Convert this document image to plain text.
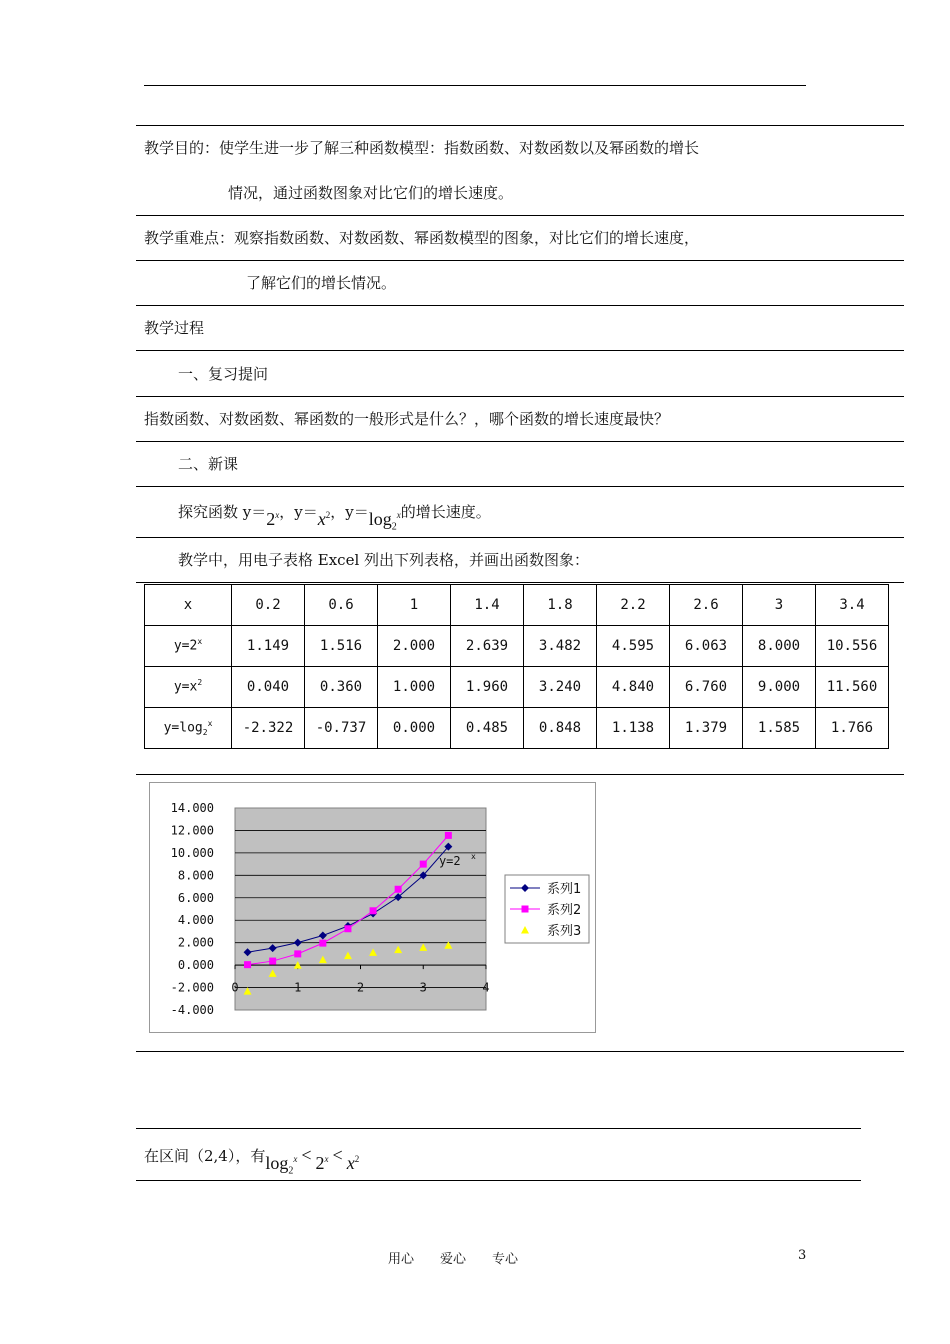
教学目的：使学生进一步了解三种函数模型：指数函数、对数函数以及幂函数的增长
情况，通过函数图象对比它们的增长速度。
教学重难点：观察指数函数、对数函数、幂函数模型的图象，对比它们的增长速度，
了解它们的增长情况。
教学过程
一、复习提问
指数函数、对数函数、幂函数的一般形式是什么？，哪个函数的增长速度最快？
二、新课
探究函数 $y=2^x$，$y=x^2$，$y=\log_2^x$的增长速度。
教学中，用电子表格 Excel 列出下列表格，并画出函数图象：
x	0.2	0.6	1	1.4	1.8	2.2	2.6	3	3.4
$y=2^x$	1.149	1.516	2.000	2.639	3.482	4.595	6.063	8.000	10.556
$y=x^2$	0.040	0.360	1.000	1.960	3.240	4.840	6.760	9.000	11.560
$y=\log_2^x$	-2.322	-0.737	0.000	0.485	0.848	1.138	1.379	1.585	1.766
14.000
12.000
10.000
8.000
6.000
4.000
2.000
0.000
-2.000
-4.000
0	1	2	3	4
y=2 x
系列1
系列2
系列3
在区间（2,4），有$\log_2^x < 2^x < x^2$
用心　　爱心　　专心	3
